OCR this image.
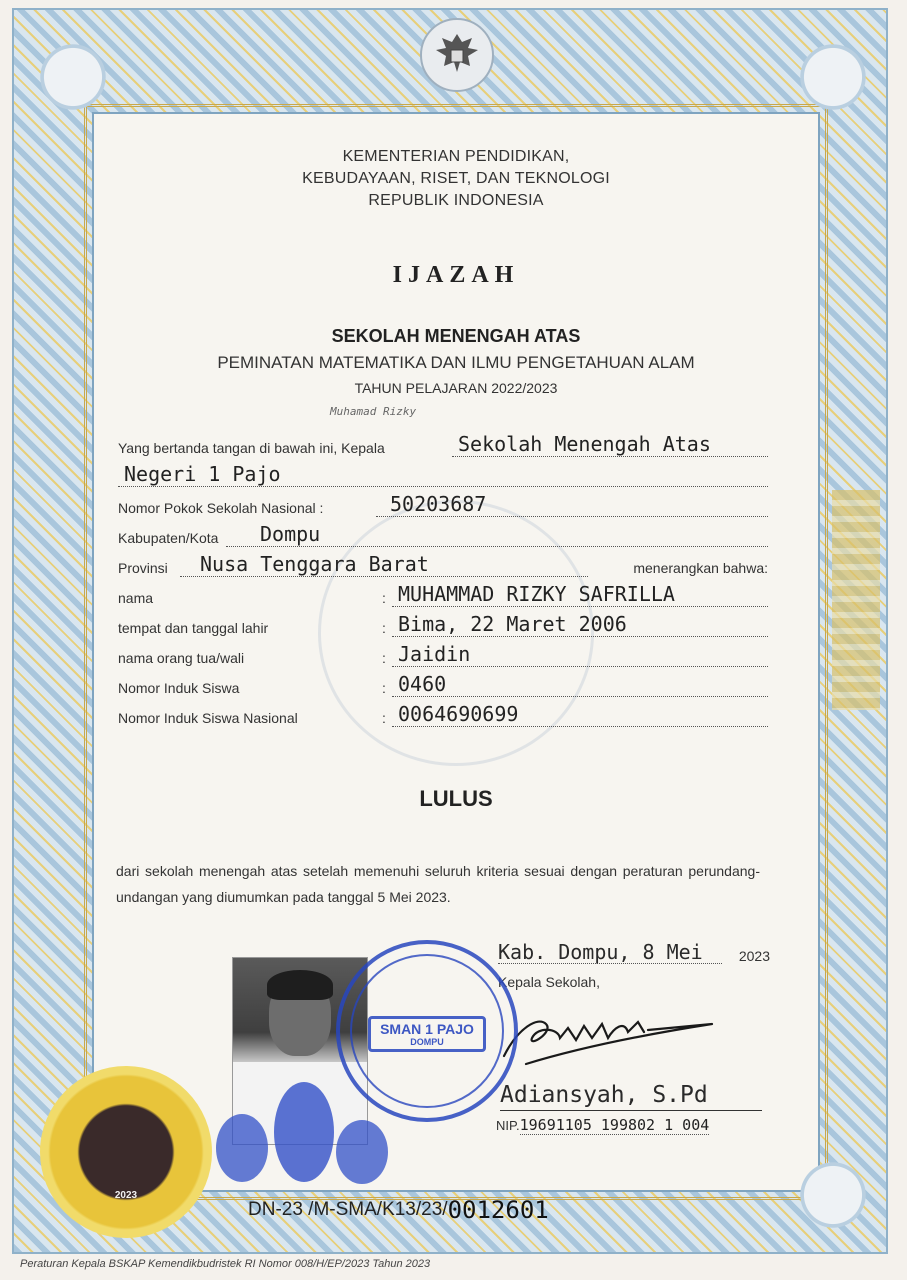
KEMENTERIAN PENDIDIKAN,
KEBUDAYAAN, RISET, DAN TEKNOLOGI
REPUBLIK INDONESIA
IJAZAH
SEKOLAH MENENGAH ATAS
PEMINATAN MATEMATIKA DAN ILMU PENGETAHUAN ALAM
TAHUN PELAJARAN 2022/2023
Muhamad Rizky
Yang bertanda tangan di bawah ini, Kepala	Sekolah Menengah Atas
Negeri 1 Pajo
Nomor Pokok Sekolah Nasional :	50203687
Kabupaten/Kota Dompu
Provinsi Nusa Tenggara Barat	menerangkan bahwa:
nama	: MUHAMMAD RIZKY SAFRILLA
tempat dan tanggal lahir	: Bima, 22 Maret 2006
nama orang tua/wali	: Jaidin
Nomor Induk Siswa	: 0460
Nomor Induk Siswa Nasional	: 0064690699
LULUS
dari sekolah menengah atas setelah memenuhi seluruh kriteria sesuai dengan peraturan perundang-undangan yang diumumkan pada tanggal 5 Mei 2023.
Kab. Dompu, 8 Mei	2023
Kepala Sekolah,
Adiansyah, S.Pd
NIP.19691105 199802 1 004
SMAN 1 PAJO
DOMPU
2023
DN-23 /M-SMA/K13/23/0012601
Peraturan Kepala BSKAP Kemendikbudristek RI Nomor 008/H/EP/2023 Tahun 2023
